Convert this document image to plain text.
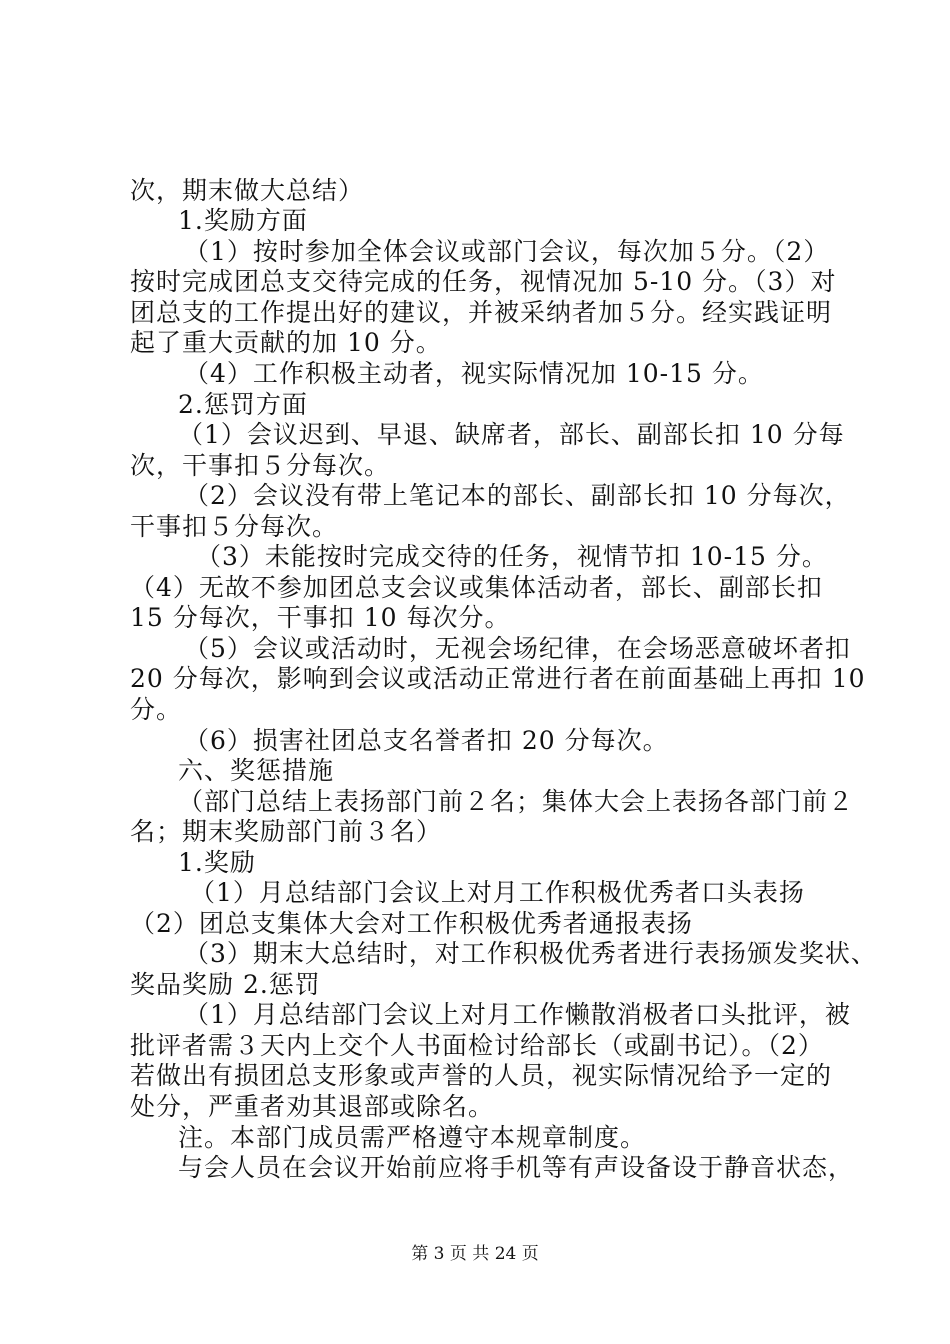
次，期末做大总结）
1.奖励方面
（1）按时参加全体会议或部门会议，每次加５分。（2）
按时完成团总支交待完成的任务，视情况加 5-10 分。（3）对
团总支的工作提出好的建议，并被采纳者加５分。经实践证明
起了重大贡献的加 10 分。
（4）工作积极主动者，视实际情况加 10-15 分。
2.惩罚方面
（1）会议迟到、早退、缺席者，部长、副部长扣 10 分每
次，干事扣５分每次。
（2）会议没有带上笔记本的部长、副部长扣 10 分每次，
干事扣５分每次。
（3）未能按时完成交待的任务，视情节扣 10-15 分。
（4）无故不参加团总支会议或集体活动者，部长、副部长扣
15 分每次，干事扣 10 每次分。
（5）会议或活动时，无视会场纪律，在会场恶意破坏者扣
20 分每次，影响到会议或活动正常进行者在前面基础上再扣 10
分。
（6）损害社团总支名誉者扣 20 分每次。
六、奖惩措施
（部门总结上表扬部门前２名；集体大会上表扬各部门前２
名；期末奖励部门前３名）
1.奖励
（1）月总结部门会议上对月工作积极优秀者口头表扬
（2）团总支集体大会对工作积极优秀者通报表扬
（3）期末大总结时，对工作积极优秀者进行表扬颁发奖状、
奖品奖励 2.惩罚
（1）月总结部门会议上对月工作懒散消极者口头批评，被
批评者需３天内上交个人书面检讨给部长（或副书记）。（2）
若做出有损团总支形象或声誉的人员，视实际情况给予一定的
处分，严重者劝其退部或除名。
注。本部门成员需严格遵守本规章制度。
与会人员在会议开始前应将手机等有声设备设于静音状态，
第 3 页 共 24 页
